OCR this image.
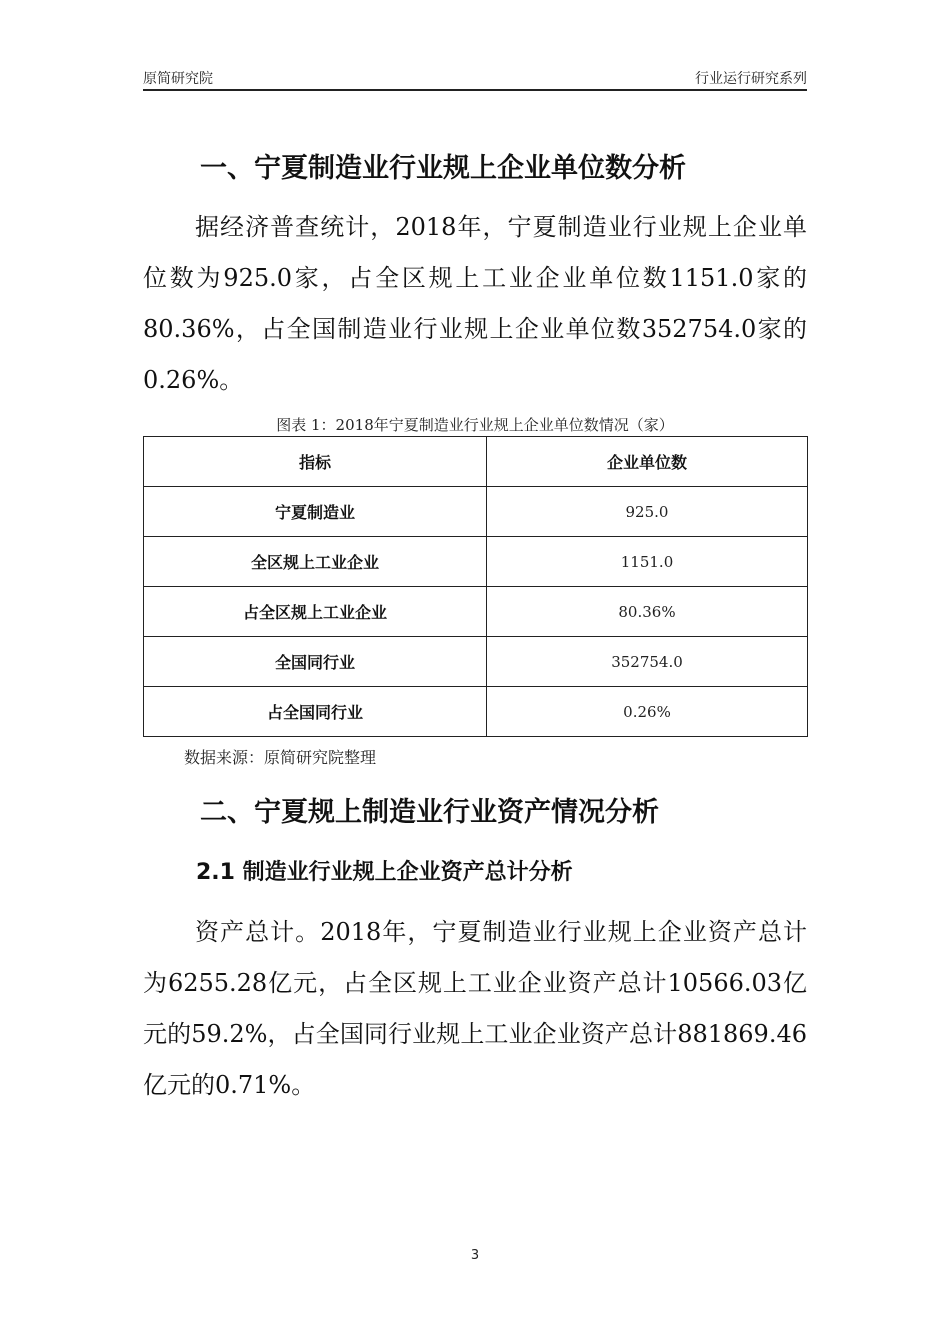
原简研究院	行业运行研究系列
一、宁夏制造业行业规上企业单位数分析

据经济普查统计，2018年，宁夏制造业行业规上企业单位数为925.0家，占全区规上工业企业单位数1151.0家的80.36%，占全国制造业行业规上企业单位数352754.0家的0.26%。

图表 1：2018年宁夏制造业行业规上企业单位数情况（家）
指标	企业单位数
宁夏制造业	925.0
全区规上工业企业	1151.0
占全区规上工业企业	80.36%
全国同行业	352754.0
占全国同行业	0.26%
数据来源：原简研究院整理
二、宁夏规上制造业行业资产情况分析
2.1 制造业行业规上企业资产总计分析

资产总计。2018年，宁夏制造业行业规上企业资产总计为6255.28亿元，占全区规上工业企业资产总计10566.03亿元的59.2%，占全国同行业规上工业企业资产总计881869.46亿元的0.71%。

3
